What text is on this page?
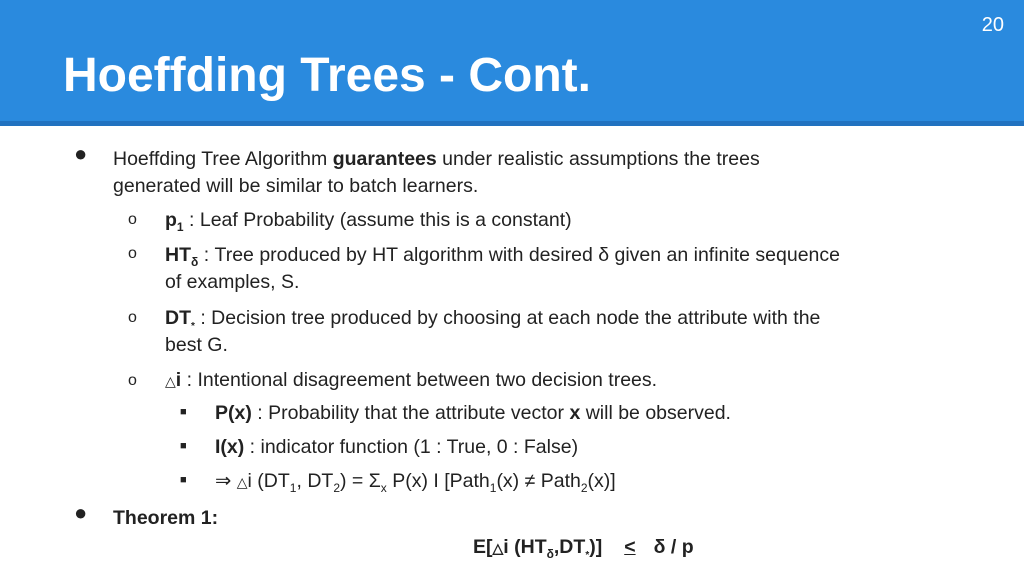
20
Hoeffding Trees - Cont.
● Hoeffding Tree Algorithm guarantees under realistic assumptions the trees
generated will be similar to batch learners.
o $p_1$ : Leaf Probability (assume this is a constant)
o $HT_\delta$ : Tree produced by HT algorithm with desired δ given an infinite sequence
of examples, S.
o $DT_*$ : Decision tree produced by choosing at each node the attribute with the
best G.
o △i : Intentional disagreement between two decision trees.
■ P(x) : Probability that the attribute vector x will be observed.
■ I(x) : indicator function (1 : True, 0 : False)
■ ⇒ △i ($DT_1$, $DT_2) = \Sigma_x$ P(x) I [Path$_1$(x) ≠ Path$_2$(x)]
● Theorem 1:
E[△i $(HT_\delta,DT_*)] \le \delta / p$
